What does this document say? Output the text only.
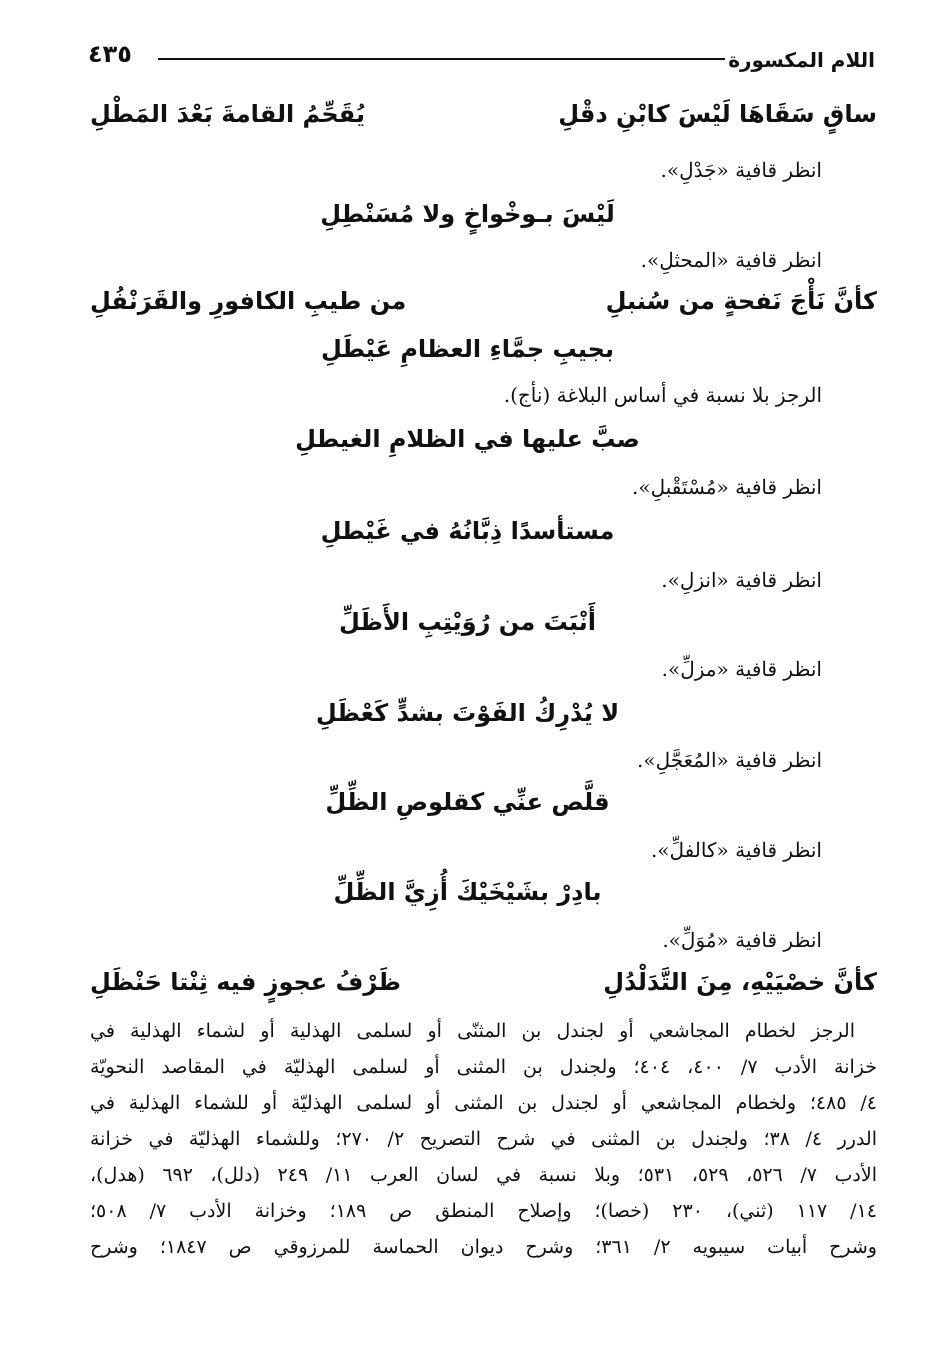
اللام المكسورة
٤٣٥
ساقٍ سَقَاهَا لَيْسَ كابْنِ دقْلِ
يُقَحِّمُ القامةَ بَعْدَ المَطْلِ
انظر قافية «جَدْلِ».
لَيْسَ بـوخْواخٍ ولا مُسَنْطِلِ
انظر قافية «المحثلِ».
كأنَّ نَأْجَ نَفحةٍ من سُنبلِ
من طيبِ الكافورِ والقَرَنْفُلِ
بجيبِ جمَّاءِ العظامِ عَيْطَلِ
الرجز بلا نسبة في أساس البلاغة (نأج).
صبَّ عليها في الظلامِ الغيطلِ
انظر قافية «مُسْتَقْبلِ».
مستأسدًا ذِبَّانُهُ في غَيْطلِ
انظر قافية «انزلِ».
أَنْبَتَ من رُوَيْتِبِ الأَظَلِّ
انظر قافية «مزلِّ».
لا يُدْرِكُ الفَوْتَ بشدٍّ كَعْظَلِ
انظر قافية «المُعَجَّلِ».
قلَّص عنِّي كقلوصِ الظِّلِّ
انظر قافية «كالفلِّ».
بادِرْ بشَيْخَيْكَ أُزِيَّ الظِّلِّ
انظر قافية «مُوَلِّ».
كأنَّ خصْيَيْهِ، مِنَ التَّدَلْدُلِ
ظَرْفُ عجوزٍ فيه ثِنْتا حَنْظَلِ
الرجز لخطام المجاشعي أو لجندل بن المثنّى أو لسلمى الهذلية أو لشماء الهذلية في
خزانة الأدب ٧/ ٤٠٠، ٤٠٤؛ ولجندل بن المثنى أو لسلمى الهذليّة في المقاصد النحويّة
٤/ ٤٨٥؛ ولخطام المجاشعي أو لجندل بن المثنى أو لسلمى الهذليّة أو للشماء الهذلية في
الدرر ٤/ ٣٨؛ ولجندل بن المثنى في شرح التصريح ٢/ ٢٧٠؛ وللشماء الهذليّة في خزانة
الأدب ٧/ ٥٢٦، ٥٢٩، ٥٣١؛ وبلا نسبة في لسان العرب ١١/ ٢٤٩ (دلل)، ٦٩٢ (هدل)،
١٤/ ١١٧ (ثني)، ٢٣٠ (خصا)؛ وإصلاح المنطق ص ١٨٩؛ وخزانة الأدب ٧/ ٥٠٨؛
وشرح أبيات سيبويه ٢/ ٣٦١؛ وشرح ديوان الحماسة للمرزوقي ص ١٨٤٧؛ وشرح
